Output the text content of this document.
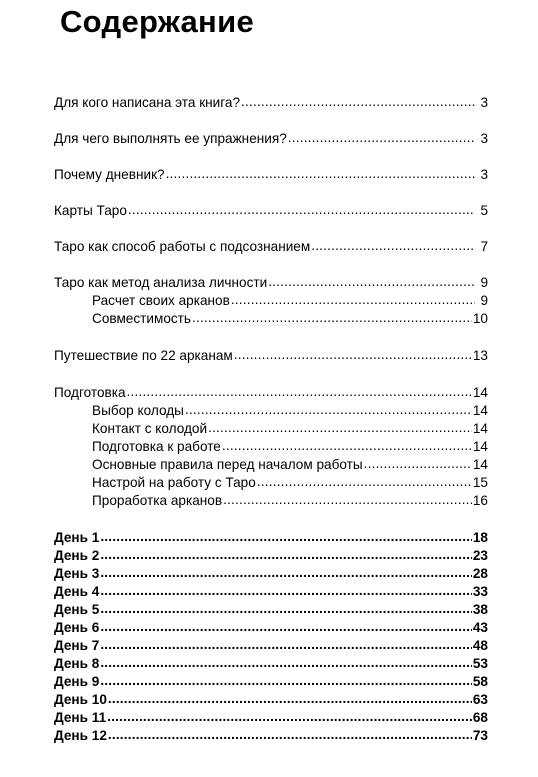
Содержание
Для кого написана эта книга? .....	3
Для чего выполнять ее упражнения? .....	3
Почему дневник? .....	3
Карты Таро .....	5
Таро как способ работы с подсознанием .....	7
Таро как метод анализа личности .....	9
Расчет своих арканов .....	9
Совместимость .....	10
Путешествие по 22 арканам .....	13
Подготовка .....	14
Выбор колоды .....	14
Контакт с колодой .....	14
Подготовка к работе .....	14
Основные правила перед началом работы .....	14
Настрой на работу с Таро .....	15
Проработка арканов .....	16
День 1 .....	18
День 2 .....	23
День 3 .....	28
День 4 .....	33
День 5 .....	38
День 6 .....	43
День 7 .....	48
День 8 .....	53
День 9 .....	58
День 10 .....	63
День 11 .....	68
День 12 .....	73
